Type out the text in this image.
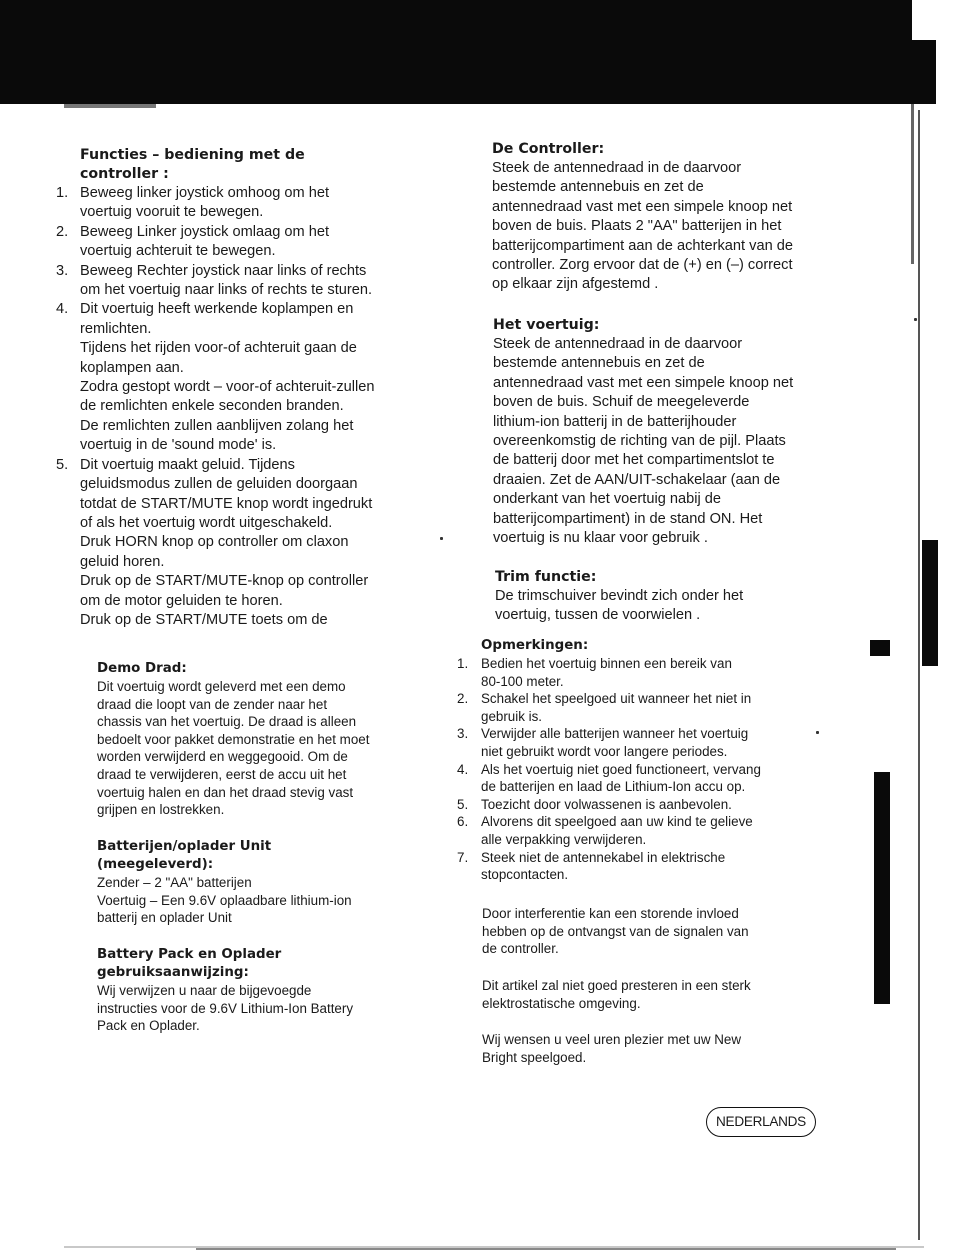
Functies – bediening met de

controller :

1. Beweeg linker joystick omhoog om het
voertuig vooruit te bewegen.
2. Beweeg Linker joystick omlaag om het
voertuig achteruit te bewegen.
3. Beweeg Rechter joystick naar links of rechts
om het voertuig naar links of rechts te sturen.
4. Dit voertuig heeft werkende koplampen en
remlichten.
Tijdens het rijden voor-of achteruit gaan de
koplampen aan.
Zodra gestopt wordt – voor-of achteruit-zullen
de remlichten enkele seconden branden.
De remlichten zullen aanblijven zolang het
voertuig in de 'sound mode' is.
5. Dit voertuig maakt geluid. Tijdens
geluidsmodus zullen de geluiden doorgaan
totdat de START/MUTE knop wordt ingedrukt
of als het voertuig wordt uitgeschakeld.
Druk HORN knop op controller om claxon
geluid horen.
Druk op de START/MUTE-knop op controller
om de motor geluiden te horen.
Druk op de START/MUTE toets om de

Demo Drad:

Dit voertuig wordt geleverd met een demo

draad die loopt van de zender naar het

chassis van het voertuig. De draad is alleen

bedoelt voor pakket demonstratie en het moet

worden verwijderd en weggegooid. Om de

draad te verwijderen, eerst de accu uit het

voertuig halen en dan het draad stevig vast

grijpen en lostrekken.

Batterijen/oplader Unit

(meegeleverd):

Zender – 2 "AA" batterijen

Voertuig – Een 9.6V oplaadbare lithium-ion

batterij en oplader Unit

Battery Pack en Oplader

gebruiksaanwijzing:

Wij verwijzen u naar de bijgevoegde

instructies voor de 9.6V Lithium-Ion Battery

Pack en Oplader.

De Controller:

Steek de antennedraad in de daarvoor

bestemde antennebuis en zet de

antennedraad vast met een simpele knoop net

boven de buis. Plaats 2 "AA" batterijen in het

batterijcompartiment aan de achterkant van de

controller. Zorg ervoor dat de (+) en (–) correct

op elkaar zijn afgestemd .

Het voertuig:

Steek de antennedraad in de daarvoor

bestemde antennebuis en zet de

antennedraad vast met een simpele knoop net

boven de buis. Schuif de meegeleverde

lithium-ion batterij in de batterijhouder

overeenkomstig de richting van de pijl. Plaats

de batterij door met het compartimentslot te

draaien. Zet de AAN/UIT-schakelaar (aan de

onderkant van het voertuig nabij de

batterijcompartiment) in de stand ON. Het

voertuig is nu klaar voor gebruik .

Trim functie:

De trimschuiver bevindt zich onder het

voertuig, tussen de voorwielen .

Opmerkingen:

1. Bedien het voertuig binnen een bereik van
80-100 meter.
2. Schakel het speelgoed uit wanneer het niet in
gebruik is.
3. Verwijder alle batterijen wanneer het voertuig
niet gebruikt wordt voor langere periodes.
4. Als het voertuig niet goed functioneert, vervang
de batterijen en laad de Lithium-Ion accu op.
5. Toezicht door volwassenen is aanbevolen.
6. Alvorens dit speelgoed aan uw kind te gelieve
alle verpakking verwijderen.
7. Steek niet de antennekabel in elektrische
stopcontacten.

Door interferentie kan een storende invloed

hebben op de ontvangst van de signalen van

de controller.

Dit artikel zal niet goed presteren in een sterk

elektrostatische omgeving.

Wij wensen u veel uren plezier met uw New

Bright speelgoed.

NEDERLANDS
